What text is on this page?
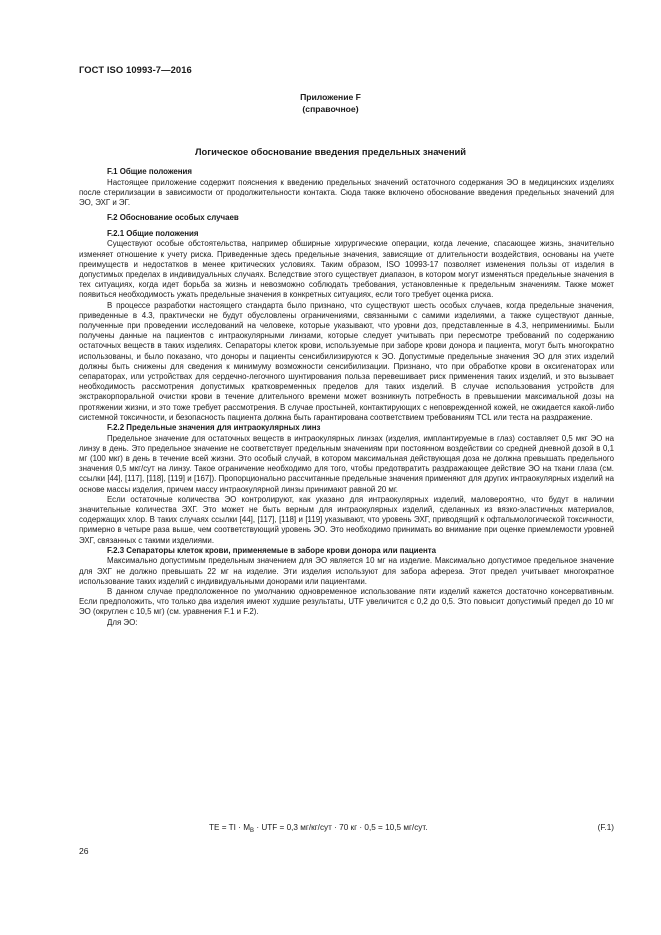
ГОСТ ISO 10993-7—2016
Приложение F
(справочное)
Логическое обоснование введения предельных значений
F.1 Общие положения

Настоящее приложение содержит пояснения к введению предельных значений остаточного содержания ЭО в медицинских изделиях после стерилизации в зависимости от продолжительности контакта. Сюда также включено обоснование введения предельных значений для ЭО, ЭХГ и ЭГ.

F.2 Обоснование особых случаев
F.2.1 Общие положения

Существуют особые обстоятельства, например обширные хирургические операции, когда лечение, спасающее жизнь, значительно изменяет отношение к учету риска. Приведенные здесь предельные значения, зависящие от длительности воздействия, основаны на учете преимуществ и недостатков в менее критических условиях. Таким образом, ISO 10993-17 позволяет изменения пользы от изделия в допустимых пределах в индивидуальных случаях. Вследствие этого существует диапазон, в котором могут изменяться предельные значения в тех ситуациях, когда идет борьба за жизнь и невозможно соблюдать требования, установленные к предельным значениям. Также может появиться необходимость ужать предельные значения в конкретных ситуациях, если того требует оценка риска.

В процессе разработки настоящего стандарта было признано, что существуют шесть особых случаев, когда предельные значения, приведенные в 4.3, практически не будут обусловлены ограничениями, связанными с самими изделиями, а также существуют данные, полученные при проведении исследований на человеке, которые указывают, что уровни доз, представленные в 4.3, непримениимы. Были получены данные на пациентов с интраокулярными линзами, которые следует учитывать при пересмотре требований по содержанию остаточных веществ в таких изделиях. Сепараторы клеток крови, используемые при заборе крови донора и пациента, могут быть многократно использованы, и было показано, что доноры и пациенты сенсибилизируются к ЭО. Допустимые предельные значения ЭО для этих изделий должны быть снижены для сведения к минимуму возможности сенсибилизации. Признано, что при обработке крови в оксигенаторах или сепараторах, или устройствах для сердечно-легочного шунтирования польза перевешивает риск применения таких изделий, и это вызывает необходимость рассмотрения допустимых кратковременных пределов для таких изделий. В случае использования устройств для экстракорпоральной очистки крови в течение длительного времени может возникнуть потребность в превышении максимальной дозы на протяжении жизни, и это тоже требует рассмотрения. В случае простыней, контактирующих с неповрежденной кожей, не ожидается какой-либо системной токсичности, и безопасность пациента должна быть гарантирована соответствием требованиям TCL или теста на раздражение.

F.2.2 Предельные значения для интраокулярных линз

Предельное значение для остаточных веществ в интраокулярных линзах (изделия, имплантируемые в глаз) составляет 0,5 мкг ЭО на линзу в день. Это предельное значение не соответствует предельным значениям при постоянном воздействии со средней дневной дозой в 0,1 мг (100 мкг) в день в течение всей жизни. Это особый случай, в котором максимальная действующая доза не должна превышать предельного значения 0,5 мкг/сут на линзу. Такое ограничение необходимо для того, чтобы предотвратить раздражающее действие ЭО на ткани глаза (см. ссылки [44], [117], [118], [119] и [167]). Пропорционально рассчитанные предельные значения применяют для других интраокулярных изделий на основе массы изделия, причем массу интраокулярной линзы принимают равной 20 мг.

Если остаточные количества ЭО контролируют, как указано для интраокулярных изделий, маловероятно, что будут в наличии значительные количества ЭХГ. Это может не быть верным для интраокулярных изделий, сделанных из вязко-эластичных материалов, содержащих хлор. В таких случаях ссылки [44], [117], [118] и [119] указывают, что уровень ЭХГ, приводящий к офтальмологической токсичности, примерно в четыре раза выше, чем соответствующий уровень ЭО. Это необходимо принимать во внимание при оценке приемлемости уровней ЭХГ, связанных с такими изделиями.

F.2.3 Сепараторы клеток крови, применяемые в заборе крови донора или пациента

Максимально допустимым предельным значением для ЭО является 10 мг на изделие. Максимально допустимое предельное значение для ЭХГ не должно превышать 22 мг на изделие. Эти изделия используют для забора афереза. Этот предел учитывает многократное использование таких изделий с индивидуальными донорами или пациентами.

В данном случае предположенное по умолчанию одновременное использование пяти изделий кажется достаточно консервативным. Если предположить, что только два изделия имеют худшие результаты, UTF увеличится с 0,2 до 0,5. Это повысит допустимый предел до 10 мг ЭО (округлен с 10,5 мг) (см. уравнения F.1 и F.2).

Для ЭО:

TE = TI · $M_B$ · UTF = 0,3 мг/кг/сут · 70 кг · 0,5 = 10,5 мг/сут.	(F.1)
26
